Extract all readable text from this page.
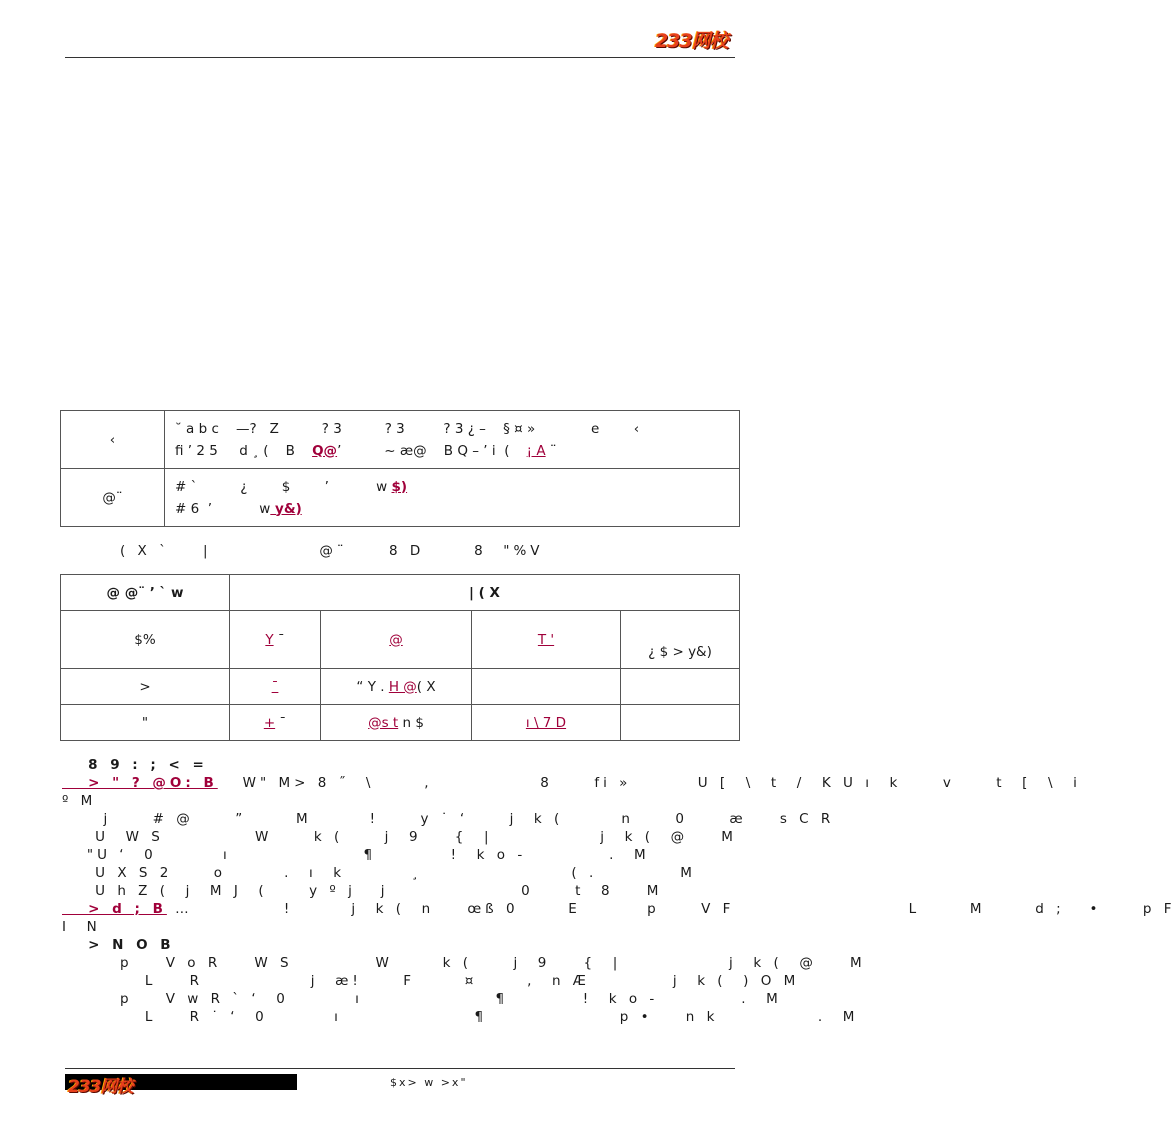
233网校
‹	˘ a b c    —?   Z          ? 3          ? 3         ? 3 ¿ –    § ¤ »             e        ‹
fi ’ 2 5     d ¸ (    B    Q@’          ~ æ@    B Q – ’ i  (    ¡ A ¨

@¨	# `          ¿        $        ’           w $)
# 6  ’           w y&)
( X `    |             @¨     8 D      8  "%V
@ @¨ ’ ` w	| ( X			
$%	Y ¯	@	T '	¿ $ > y&)
>	¯	“ Y . H @( X		
"	+ ¯	@s t n $	ı \ 7 D	
8 9 : ; < =
> " ? @O: B   W" M> 8 ˝  \      ,             8     fi »        U [  \  t  /  K U ı  k     v     t  [  \  i
º M
j     # @     ”      M       !     y ˙ ‘     j  k (       n     0     æ    s C R
U  W S           W     k (     j  9    {  |             j  k (  @    M
"U ‘  0        ı                ¶         !  k o -          .  M
U X S 2     o       .  ı  k        ¸                  ( .          M
U h Z (  j  M J  (     y º j   j                0     t  8    M
> d ; B …           !       j  k (  n    œß 0      E        p     V F                     L      M      d ;   •     p F
I  N
> N O B
p    V o R    W S          W      k (     j  9    {  |             j  k (  @    M
L    R             j  æ!     F      ¤      ,  n Æ          j  k (  ) O M
p    V w R ` ‘  0        ı                ¶         !  k o -          .  M
L    R ˙ ‘  0        ı                ¶                p •    n k            .  M
233网校	$x> w >x"
